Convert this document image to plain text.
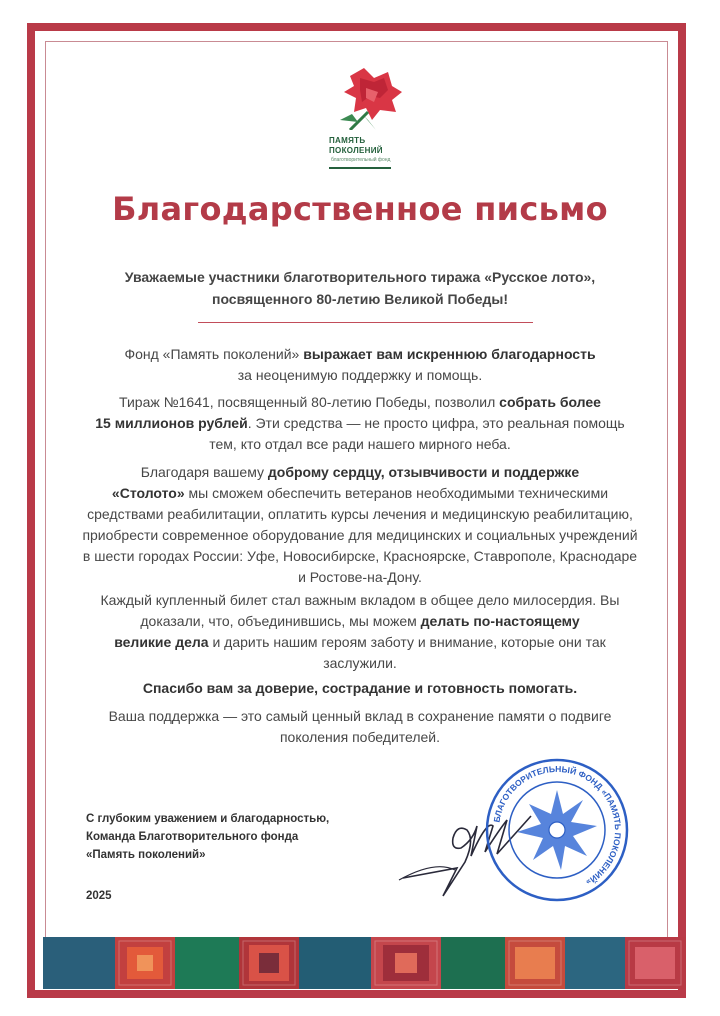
ПАМЯТЬ
ПОКОЛЕНИЙ
благотворительный фонд
Благодарственное письмо
Уважаемые участники благотворительного тиража «Русское лото»,
посвященного 80-летию Великой Победы!
Фонд «Память поколений» выражает вам искреннюю благодарность
за неоценимую поддержку и помощь.
Тираж №1641, посвященный 80-летию Победы, позволил собрать более
15 миллионов рублей. Эти средства — не просто цифра, это реальная помощь тем, кто отдал все ради нашего мирного неба.
Благодаря вашему доброму сердцу, отзывчивости и поддержке
«Столото» мы сможем обеспечить ветеранов необходимыми техническими средствами реабилитации, оплатить курсы лечения и медицинскую реабилитацию, приобрести современное оборудование для медицинских и социальных учреждений в шести городах России: Уфе, Новосибирске, Красноярске, Ставрополе, Краснодаре и Ростове-на-Дону.
Каждый купленный билет стал важным вкладом в общее дело милосердия. Вы доказали, что, объединившись, мы можем делать по-настоящему
великие дела и дарить нашим героям заботу и внимание, которые они так заслужили.
Спасибо вам за доверие, сострадание и готовность помогать.
Ваша поддержка — это самый ценный вклад в сохранение памяти о подвиге поколения победителей.
С глубоким уважением и благодарностью,
Команда Благотворительного фонда
«Память поколений»
2025
БЛАГОТВОРИТЕЛЬНЫЙ ФОНД «ПАМЯТЬ ПОКОЛЕНИЙ»
